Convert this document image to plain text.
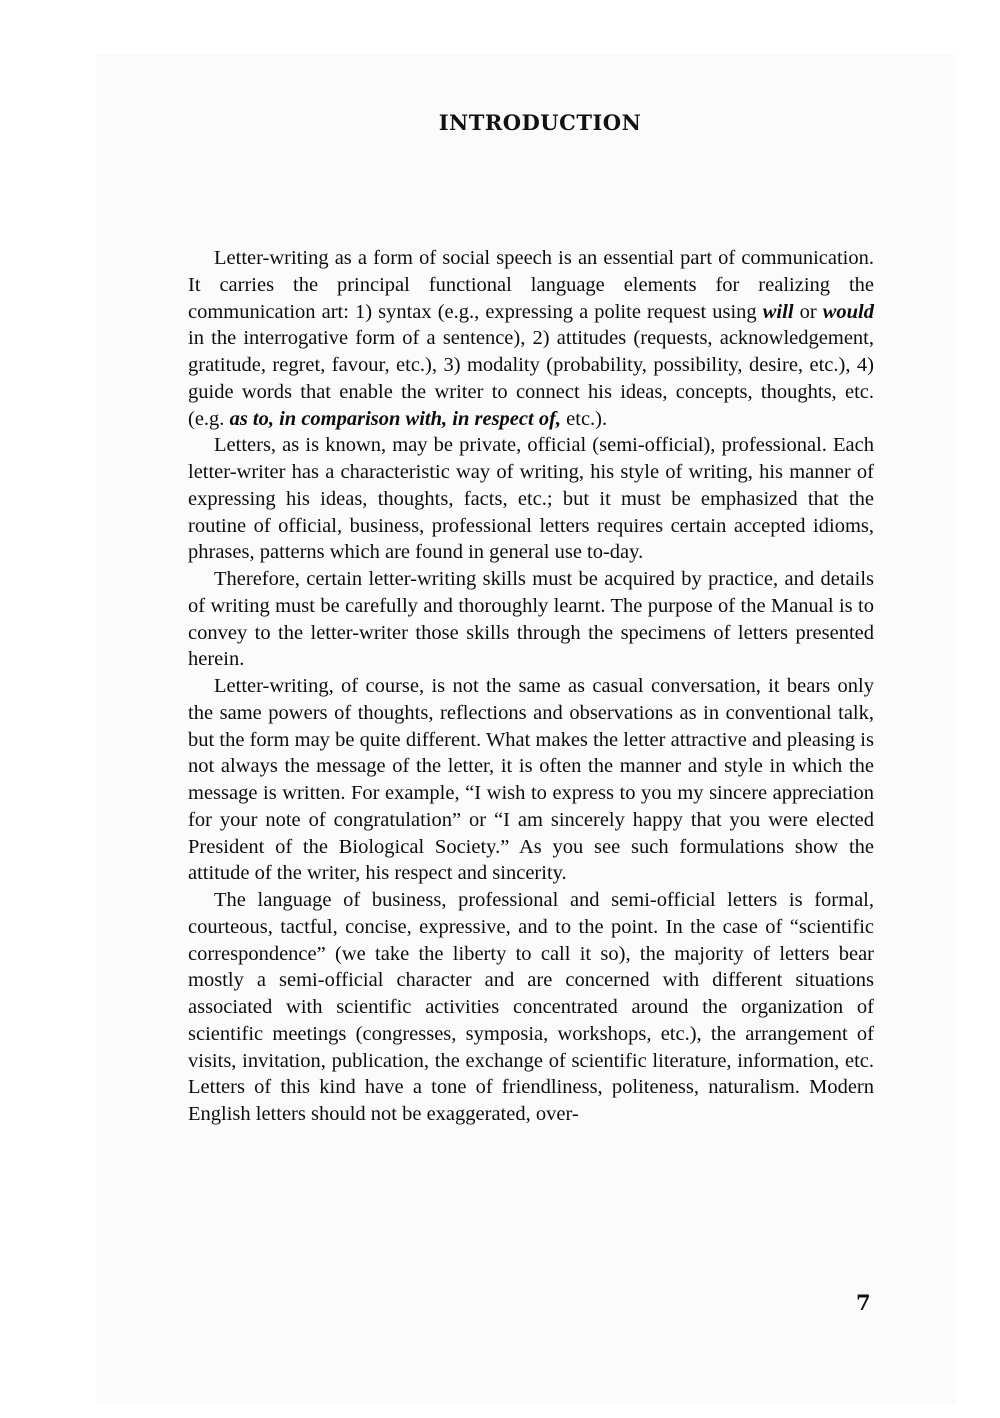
INTRODUCTION

Letter-writing as a form of social speech is an essential part of communication. It carries the principal functional language elements for realizing the communication art: 1) syntax (e.g., expressing a polite request using will or would in the interrogative form of a sentence), 2) attitudes (requests, acknowledgement, gratitude, regret, favour, etc.), 3) modality (probability, possibility, desire, etc.), 4) guide words that enable the writer to connect his ideas, concepts, thoughts, etc. (e.g. as to, in comparison with, in respect of, etc.).

Letters, as is known, may be private, official (semi-official), professional. Each letter-writer has a characteristic way of writing, his style of writing, his manner of expressing his ideas, thoughts, facts, etc.; but it must be emphasized that the routine of official, business, professional letters requires certain accepted idioms, phrases, patterns which are found in general use to-day.

Therefore, certain letter-writing skills must be acquired by practice, and details of writing must be carefully and thoroughly learnt. The purpose of the Manual is to convey to the letter-writer those skills through the specimens of letters presented herein.

Letter-writing, of course, is not the same as casual conversation, it bears only the same powers of thoughts, reflections and observations as in conventional talk, but the form may be quite different. What makes the letter attractive and pleasing is not always the message of the letter, it is often the manner and style in which the message is written. For example, “I wish to express to you my sincere appreciation for your note of congratulation” or “I am sincerely happy that you were elected President of the Biological Society.” As you see such formulations show the attitude of the writer, his respect and sincerity.

The language of business, professional and semi-official letters is formal, courteous, tactful, concise, expressive, and to the point. In the case of “scientific correspondence” (we take the liberty to call it so), the majority of letters bear mostly a semi-official character and are concerned with different situations associated with scientific activities concentrated around the organization of scientific meetings (congresses, symposia, workshops, etc.), the arrangement of visits, invitation, publication, the exchange of scientific literature, information, etc. Letters of this kind have a tone of friendliness, politeness, naturalism. Modern English letters should not be exaggerated, over-

7
